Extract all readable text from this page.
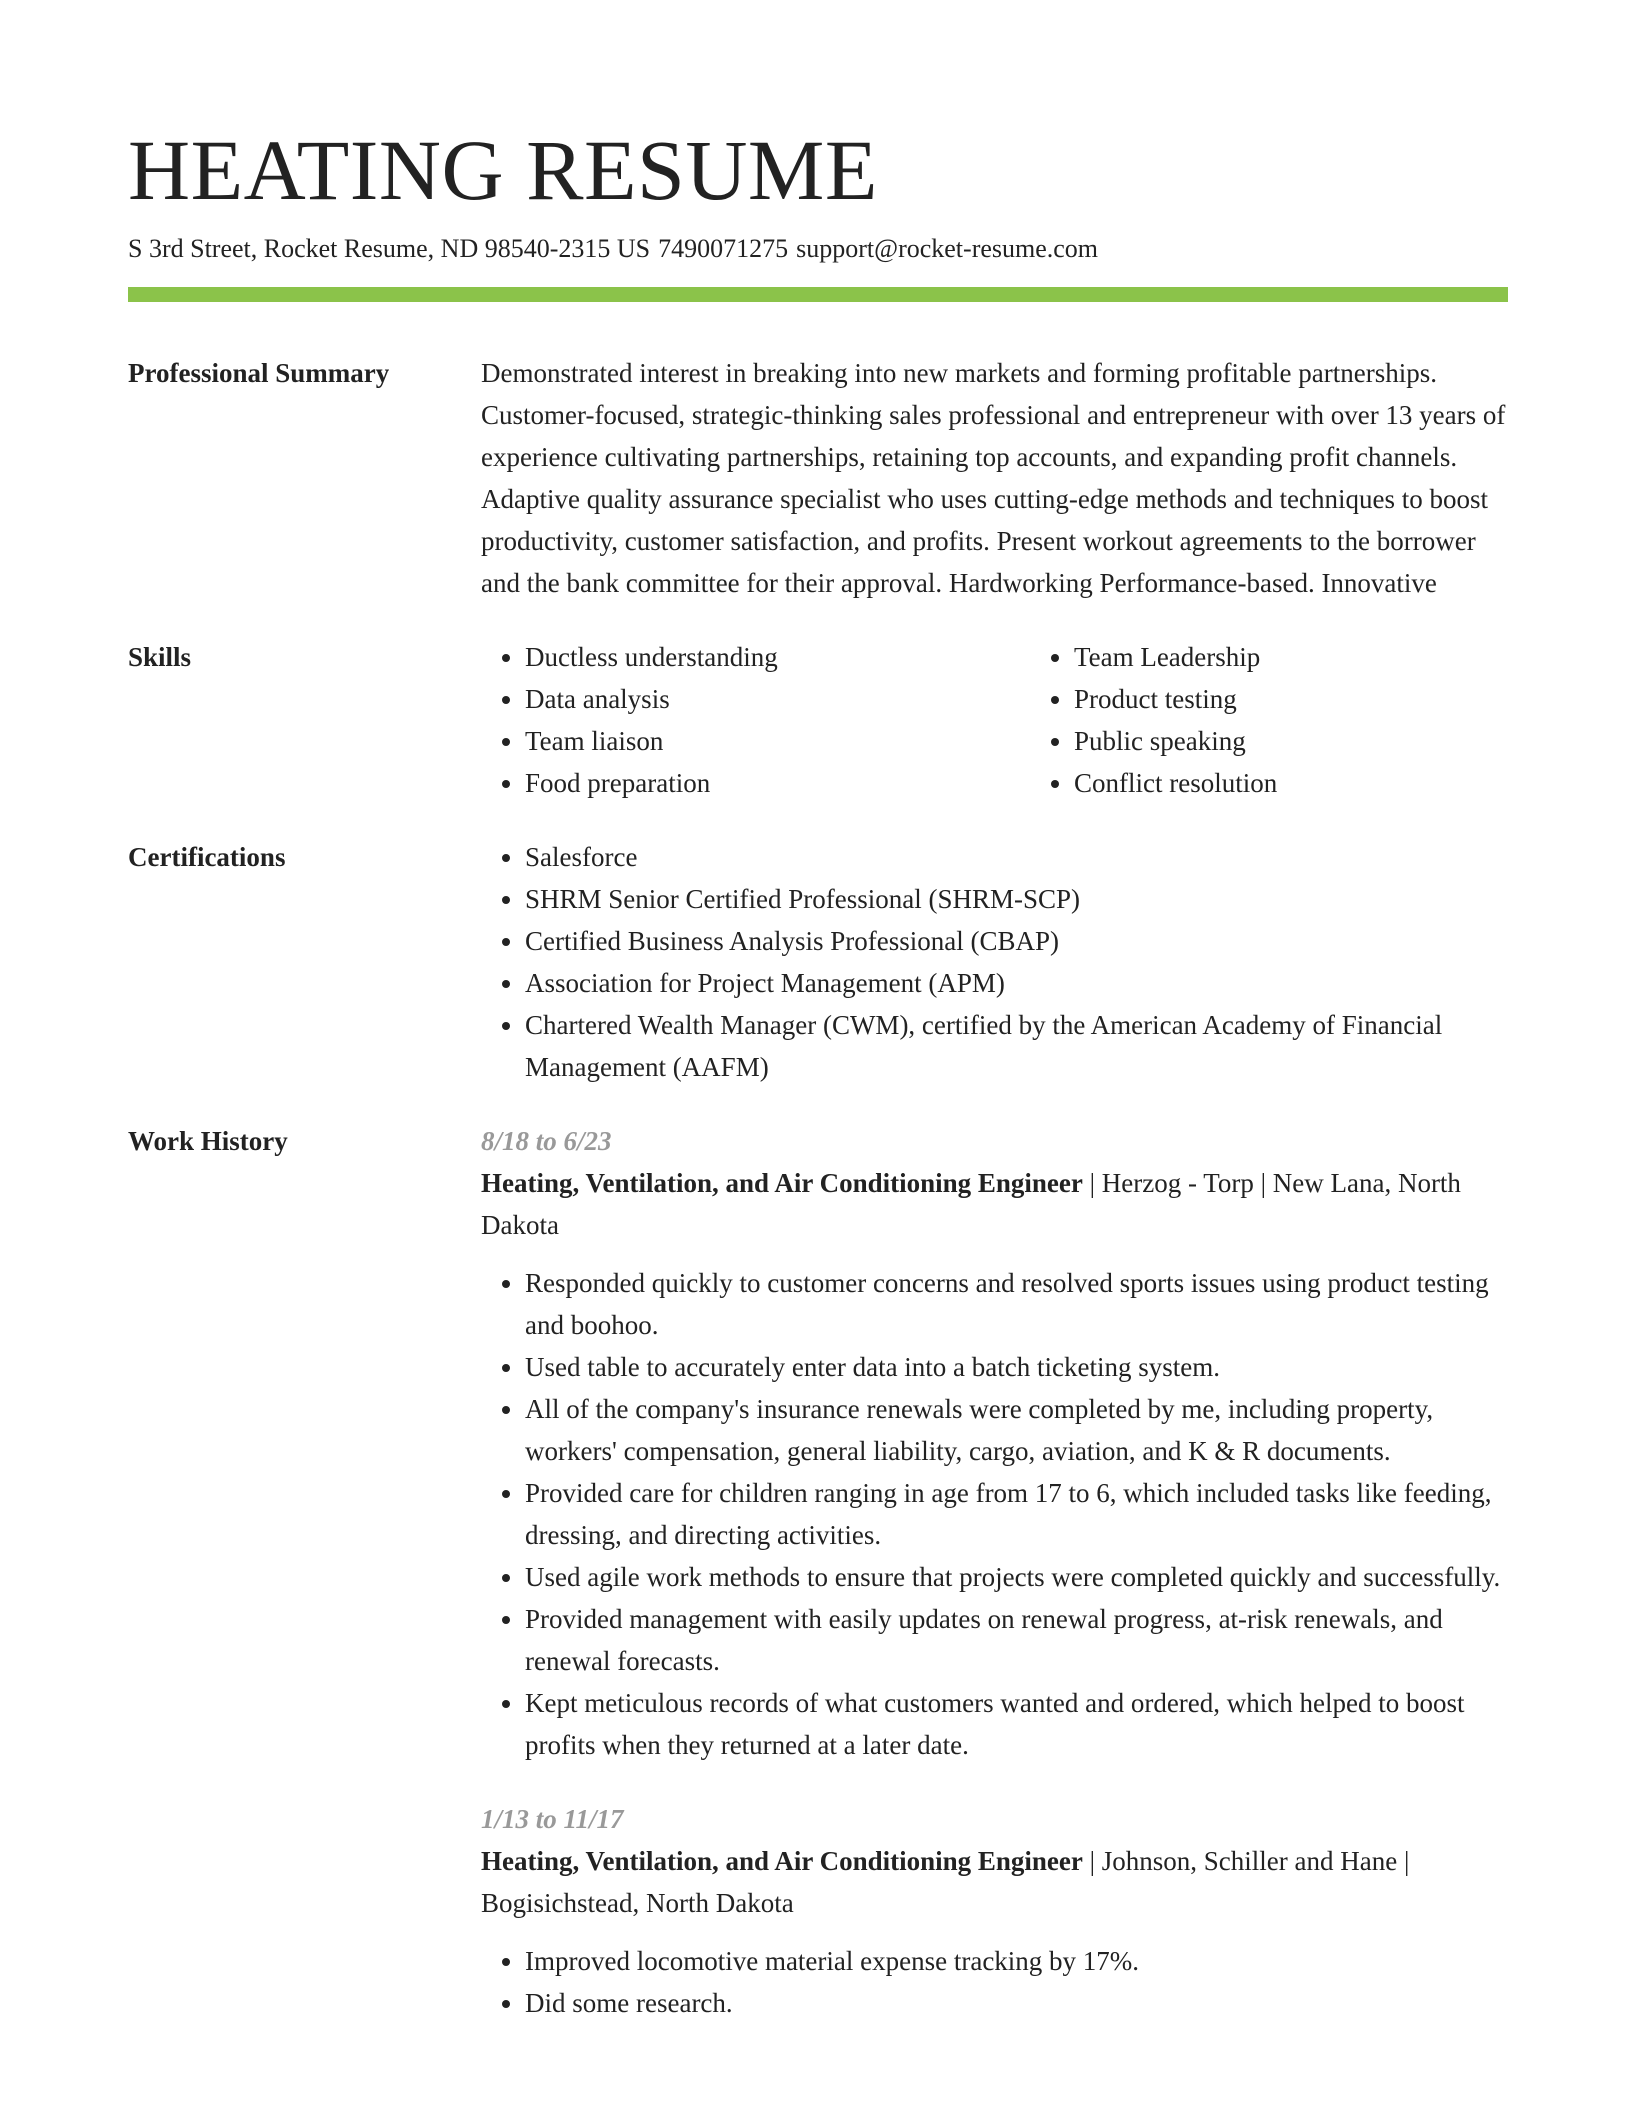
HEATING RESUME
S 3rd Street, Rocket Resume, ND 98540-2315 US 7490071275 support@rocket-resume.com
Professional Summary	Demonstrated interest in breaking into new markets and forming profitable partnerships. Customer-focused, strategic-thinking sales professional and entrepreneur with over 13 years of experience cultivating partnerships, retaining top accounts, and expanding profit channels. Adaptive quality assurance specialist who uses cutting-edge methods and techniques to boost productivity, customer satisfaction, and profits. Present workout agreements to the borrower and the bank committee for their approval. Hardworking Performance-based. Innovative
Skills	• Ductless understanding
• Data analysis
• Team liaison
• Food preparation
• Team Leadership
• Product testing
• Public speaking
• Conflict resolution
Certifications	• Salesforce
• SHRM Senior Certified Professional (SHRM-SCP)
• Certified Business Analysis Professional (CBAP)
• Association for Project Management (APM)
• Chartered Wealth Manager (CWM), certified by the American Academy of Financial Management (AAFM)
Work History	8/18 to 6/23
Heating, Ventilation, and Air Conditioning Engineer | Herzog - Torp | New Lana, North Dakota
• Responded quickly to customer concerns and resolved sports issues using product testing and boohoo.
• Used table to accurately enter data into a batch ticketing system.
• All of the company's insurance renewals were completed by me, including property, workers' compensation, general liability, cargo, aviation, and K & R documents.
• Provided care for children ranging in age from 17 to 6, which included tasks like feeding, dressing, and directing activities.
• Used agile work methods to ensure that projects were completed quickly and successfully.
• Provided management with easily updates on renewal progress, at-risk renewals, and renewal forecasts.
• Kept meticulous records of what customers wanted and ordered, which helped to boost profits when they returned at a later date.
1/13 to 11/17
Heating, Ventilation, and Air Conditioning Engineer | Johnson, Schiller and Hane | Bogisichstead, North Dakota
• Improved locomotive material expense tracking by 17%.
• Did some research.
